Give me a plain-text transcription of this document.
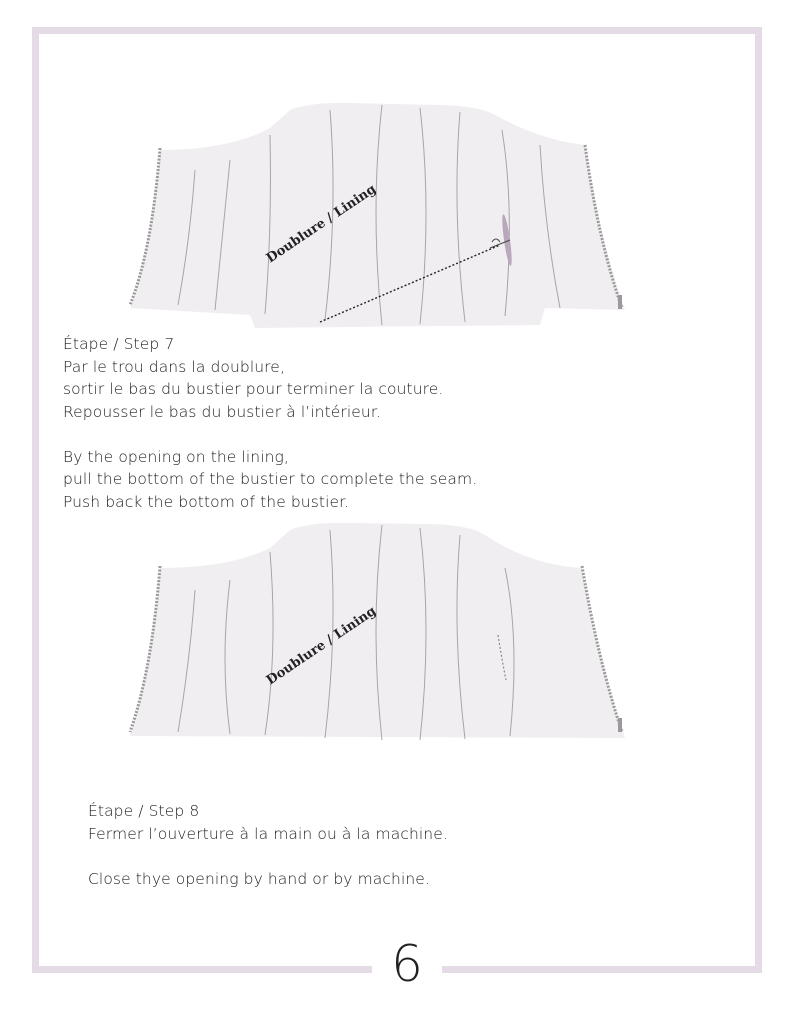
6
Doublure / Lining

Étape / Step 7

Par le trou dans la doublure,

sortir le bas du bustier pour terminer la couture.

Repousser le bas du bustier à l’intérieur.

By the opening on the lining,

pull the bottom of the bustier to complete the seam.

Push back the bottom of the bustier.

Doublure / Lining

Étape / Step 8

Fermer l’ouverture à la main ou à la machine.

Close thye opening by hand or by machine.
